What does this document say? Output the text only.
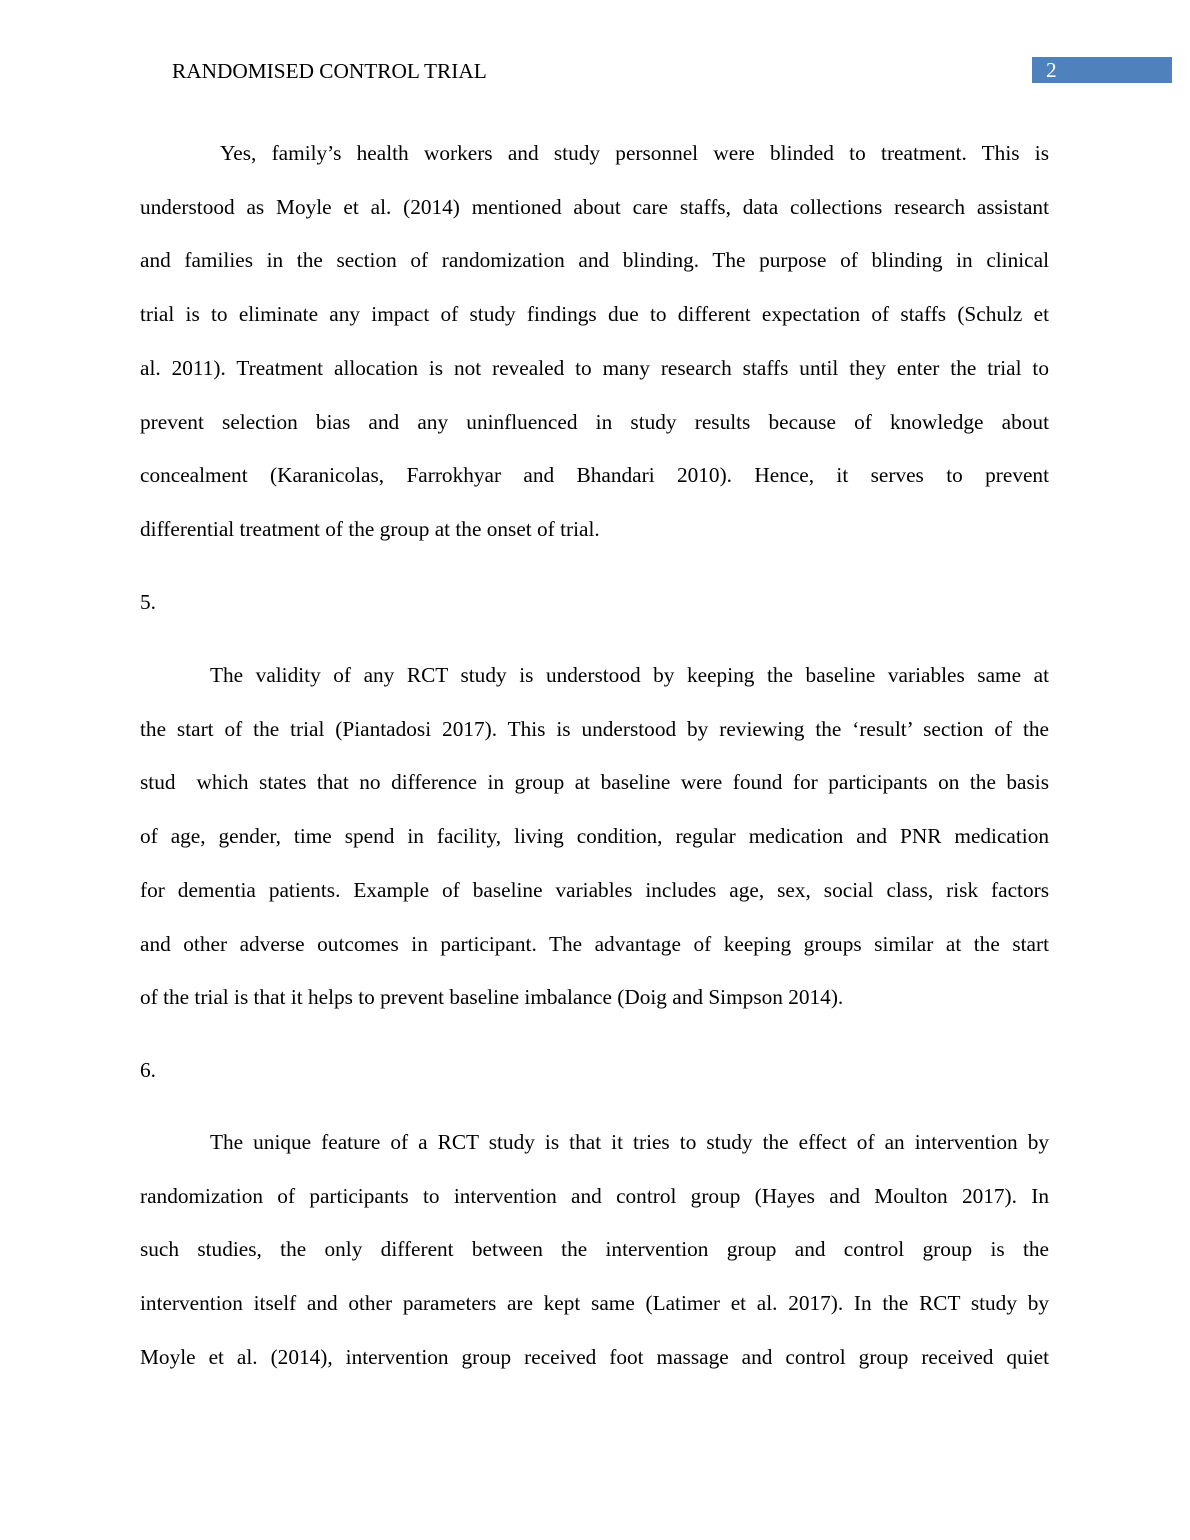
RANDOMISED CONTROL TRIAL	2
Yes, family’s health workers and study personnel were blinded to treatment. This is
understood as Moyle et al. (2014) mentioned about care staffs, data collections research assistant
and families in the section of randomization and blinding. The purpose of blinding in clinical
trial is to eliminate any impact of study findings due to different expectation of staffs (Schulz et
al. 2011). Treatment allocation is not revealed to many research staffs until they enter the trial to
prevent selection bias and any uninfluenced in study results because of knowledge about
concealment (Karanicolas, Farrokhyar and Bhandari 2010). Hence, it serves to prevent
differential treatment of the group at the onset of trial.
5.
The validity of any RCT study is understood by keeping the baseline variables same at
the start of the trial (Piantadosi 2017). This is understood by reviewing the ‘result’ section of the
stud  which states that no difference in group at baseline were found for participants on the basis
of age, gender, time spend in facility, living condition, regular medication and PNR medication
for dementia patients. Example of baseline variables includes age, sex, social class, risk factors
and other adverse outcomes in participant. The advantage of keeping groups similar at the start
of the trial is that it helps to prevent baseline imbalance (Doig and Simpson 2014).
6.
The unique feature of a RCT study is that it tries to study the effect of an intervention by
randomization of participants to intervention and control group (Hayes and Moulton 2017). In
such studies, the only different between the intervention group and control group is the
intervention itself and other parameters are kept same (Latimer et al. 2017). In the RCT study by
Moyle et al. (2014), intervention group received foot massage and control group received quiet
